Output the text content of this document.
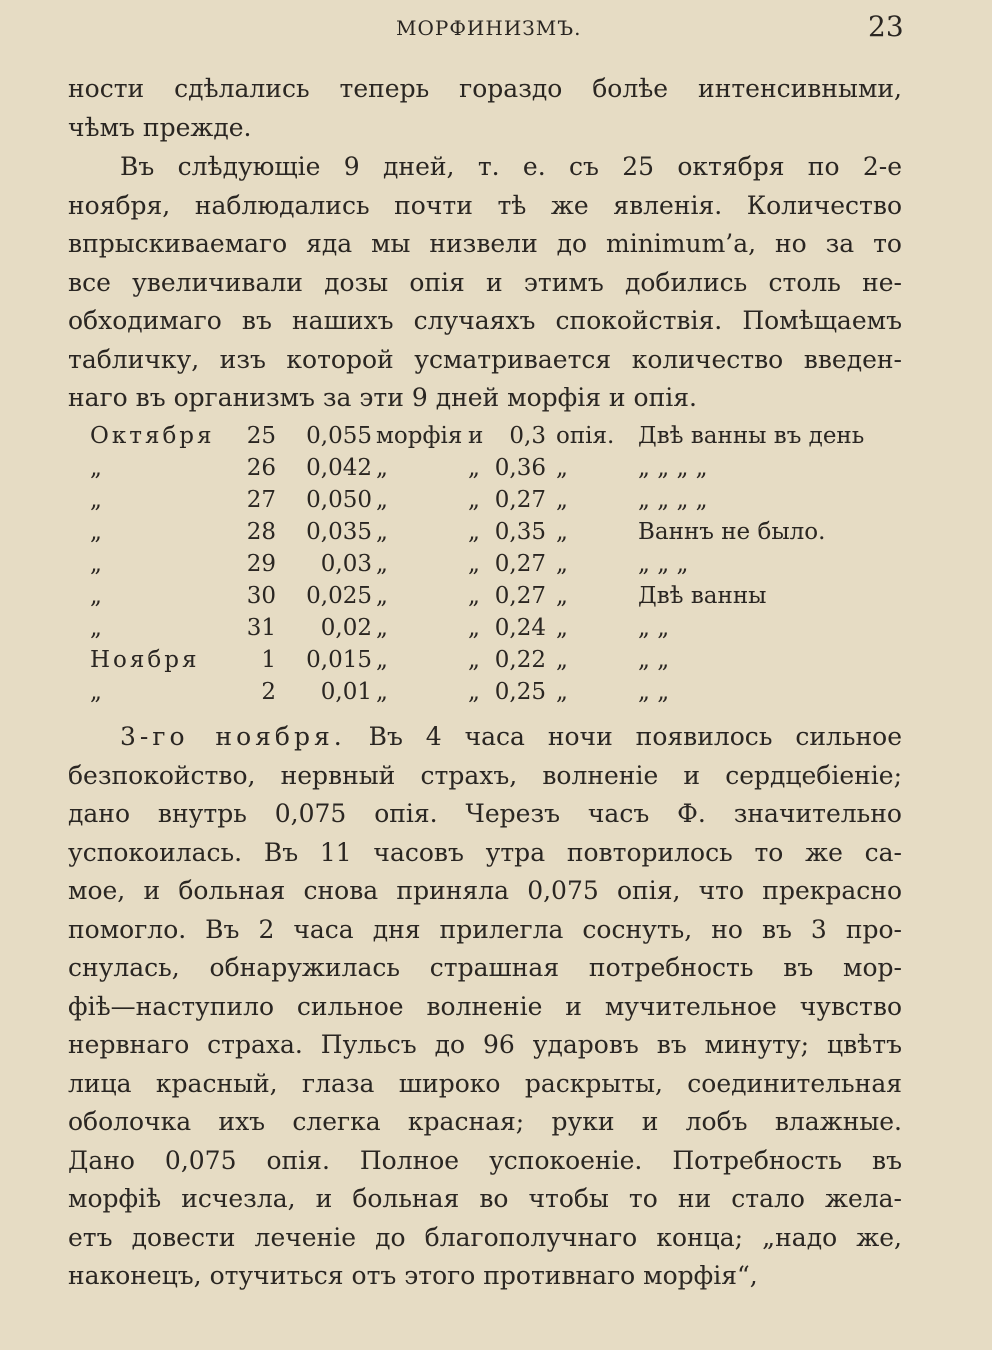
МОРФИНИЗМЪ.	23
ности сдѣлались теперь гораздо болѣе интенсивными,
чѣмъ прежде.
Въ слѣдующіе 9 дней, т. е. съ 25 октября по 2-е
ноября, наблюдались почти тѣ же явленія. Количество
впрыскиваемаго яда мы низвели до minimum’a, но за то
все увеличивали дозы опія и этимъ добились столь не-
обходимаго въ нашихъ случаяхъ спокойствія. Помѣщаемъ
табличку, изъ которой усматривается количество введен-
наго въ организмъ за эти 9 дней морфія и опія.
Октября	25 0,055 морфія и	0,3 опія. Двѣ ванны въ день
„	26 0,042 „	„ 0,36 „	„ „ „ „
„	27 0,050 „	„ 0,27 „	„ „ „ „
„	28 0,035 „	„ 0,35 „	Ваннъ не было.
„	29	0,03 „	„ 0,27 „	„ „ „
„	30 0,025 „	„ 0,27 „	Двѣ ванны
„	31	0,02 „	„ 0,24 „	„ „
Ноября	1 0,015 „	„ 0,22 „	„ „
„	2	0,01 „	„ 0,25 „	„ „
3-го ноября. Въ 4 часа ночи появилось сильное
безпокойство, нервный страхъ, волненіе и сердцебіеніе;
дано внутрь 0,075 опія. Черезъ часъ Ф. значительно
успокоилась. Въ 11 часовъ утра повторилось то же са-
мое, и больная снова приняла 0,075 опія, что прекрасно
помогло. Въ 2 часа дня прилегла соснуть, но въ 3 про-
снулась, обнаружилась страшная потребность въ мор-
фіѣ—наступило сильное волненіе и мучительное чувство
нервнаго страха. Пульсъ до 96 ударовъ въ минуту; цвѣтъ
лица красный, глаза широко раскрыты, соединительная
оболочка ихъ слегка красная; руки и лобъ влажные.
Дано 0,075 опія. Полное успокоеніе. Потребность въ
морфіѣ исчезла, и больная во чтобы то ни стало жела-
етъ довести леченіе до благополучнаго конца; „надо же,
наконецъ, отучиться отъ этого противнаго морфія“,
